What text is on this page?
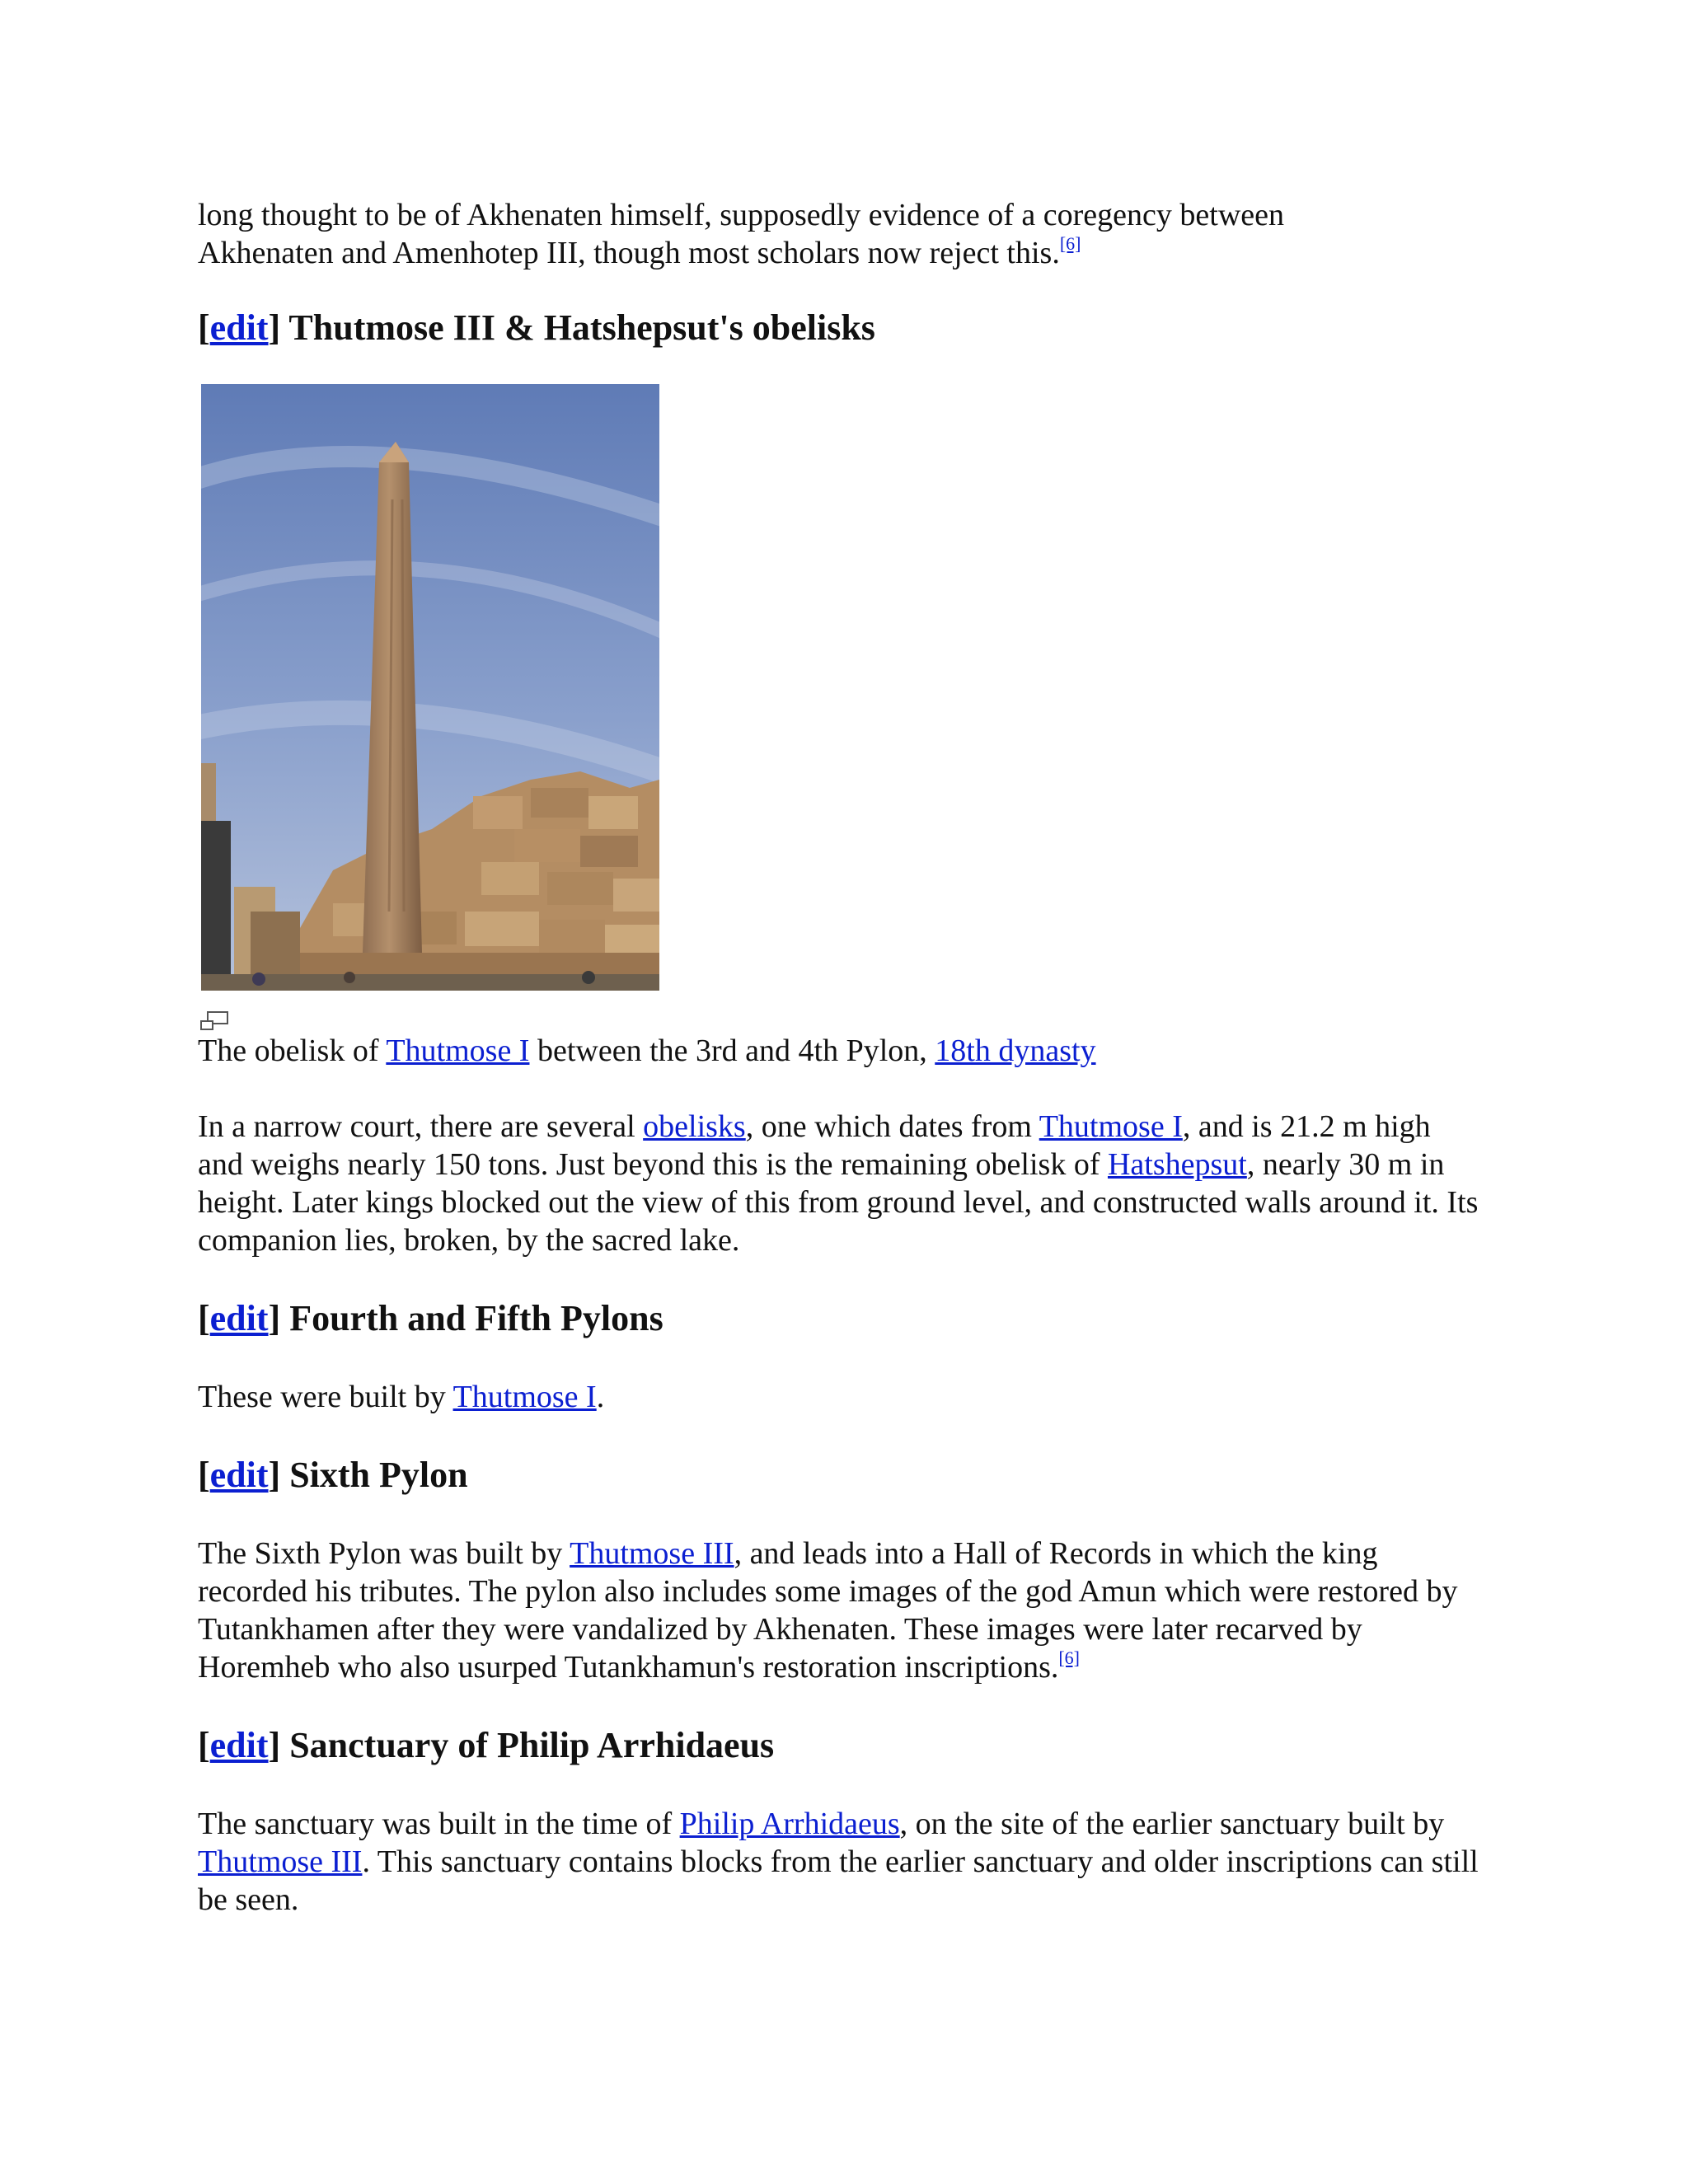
long thought to be of Akhenaten himself, supposedly evidence of a coregency between
Akhenaten and Amenhotep III, though most scholars now reject this.[6]

[edit] Thutmose III & Hatshepsut's obelisks

The obelisk of Thutmose I between the 3rd and 4th Pylon, 18th dynasty

In a narrow court, there are several obelisks, one which dates from Thutmose I, and is 21.2 m high and weighs nearly 150 tons. Just beyond this is the remaining obelisk of Hatshepsut, nearly 30 m in height. Later kings blocked out the view of this from ground level, and constructed walls around it. Its companion lies, broken, by the sacred lake.

[edit] Fourth and Fifth Pylons

These were built by Thutmose I.

[edit] Sixth Pylon

The Sixth Pylon was built by Thutmose III, and leads into a Hall of Records in which the king recorded his tributes. The pylon also includes some images of the god Amun which were restored by Tutankhamen after they were vandalized by Akhenaten. These images were later recarved by Horemheb who also usurped Tutankhamun's restoration inscriptions.[6]

[edit] Sanctuary of Philip Arrhidaeus

The sanctuary was built in the time of Philip Arrhidaeus, on the site of the earlier sanctuary built by Thutmose III. This sanctuary contains blocks from the earlier sanctuary and older inscriptions can still be seen.
